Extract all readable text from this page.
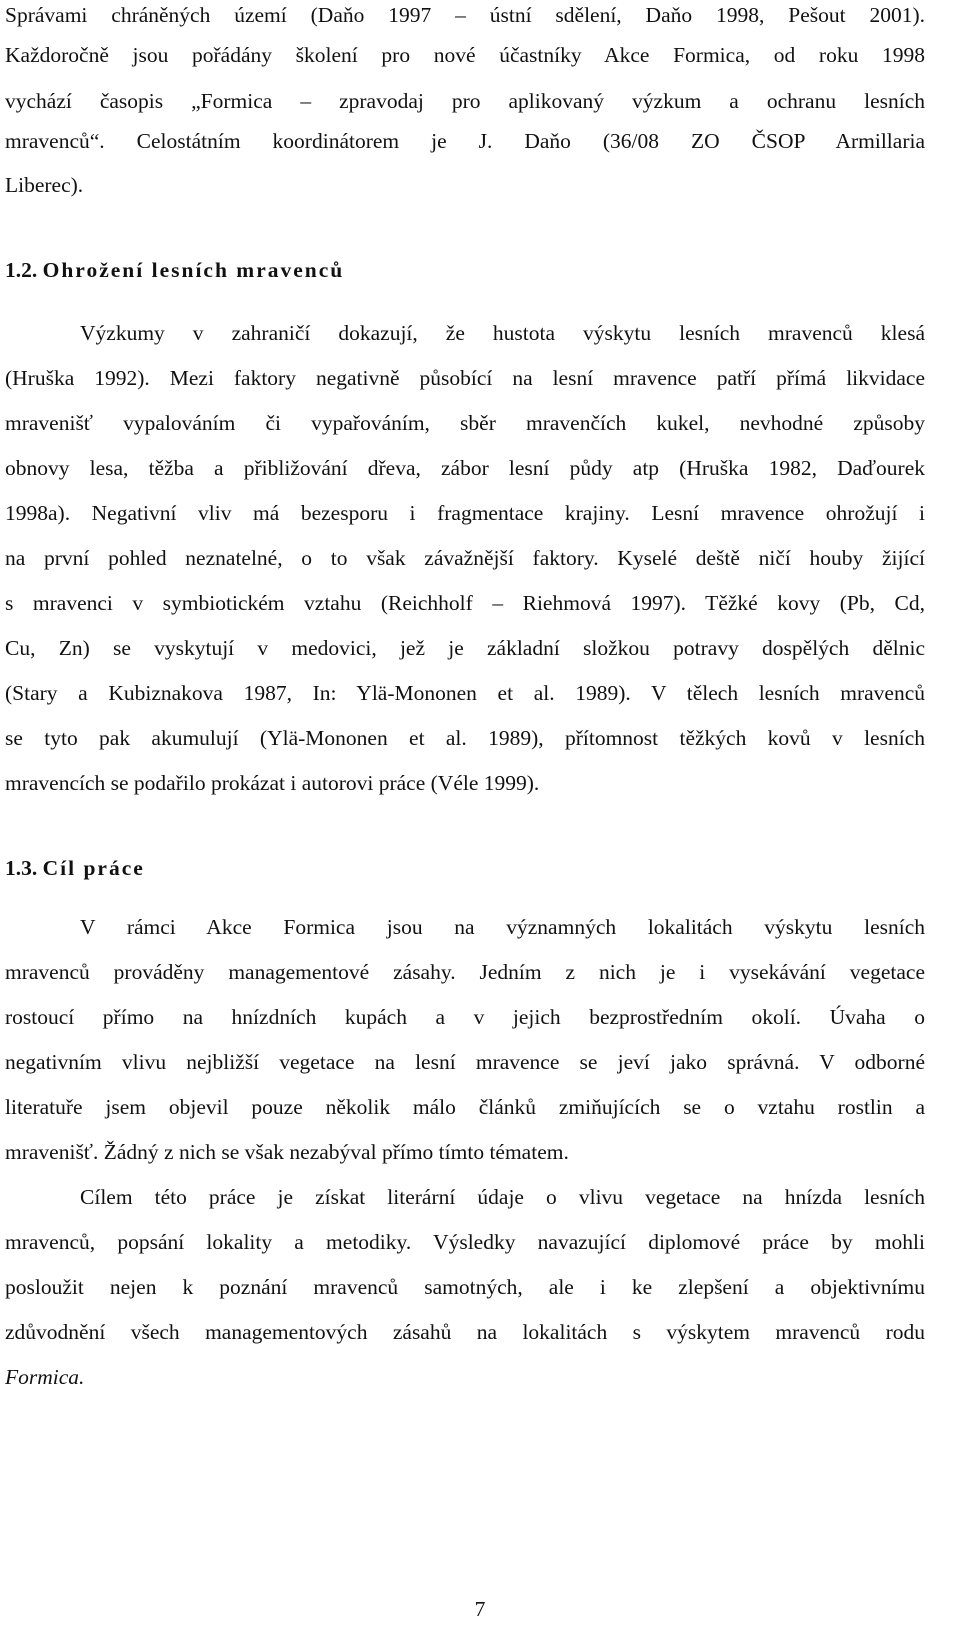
Správami chráněných území (Daňo 1997 – ústní sdělení, Daňo 1998, Pešout 2001).
Každoročně jsou pořádány školení pro nové účastníky Akce Formica, od roku 1998
vychází časopis „Formica – zpravodaj pro aplikovaný výzkum a ochranu lesních
mravenců“. Celostátním koordinátorem je J. Daňo (36/08 ZO ČSOP Armillaria
Liberec).
1.2. Ohrožení lesních mravenců
Výzkumy v zahraničí dokazují, že hustota výskytu lesních mravenců klesá
(Hruška 1992). Mezi faktory negativně působící na lesní mravence patří přímá likvidace
mravenišť vypalováním či vypařováním, sběr mravenčích kukel, nevhodné způsoby
obnovy lesa, těžba a přibližování dřeva, zábor lesní půdy atp (Hruška 1982, Daďourek
1998a). Negativní vliv má bezesporu i fragmentace krajiny. Lesní mravence ohrožují i
na první pohled neznatelné, o to však závažnější faktory. Kyselé deště ničí houby žijící
s mravenci v symbiotickém vztahu (Reichholf – Riehmová 1997). Těžké kovy (Pb, Cd,
Cu, Zn) se vyskytují v medovici, jež je základní složkou potravy dospělých dělnic
(Stary a Kubiznakova 1987, In: Ylä-Mononen et al. 1989). V tělech lesních mravenců
se tyto pak akumulují (Ylä-Mononen et al. 1989), přítomnost těžkých kovů v lesních
mravencích se podařilo prokázat i autorovi práce (Véle 1999).
1.3. Cíl práce
V rámci Akce Formica jsou na významných lokalitách výskytu lesních
mravenců prováděny managementové zásahy. Jedním z nich je i vysekávání vegetace
rostoucí přímo na hnízdních kupách a v jejich bezprostředním okolí. Úvaha o
negativním vlivu nejbližší vegetace na lesní mravence se jeví jako správná. V odborné
literatuře jsem objevil pouze několik málo článků zmiňujících se o vztahu rostlin a
mravenišť. Žádný z nich se však nezabýval přímo tímto tématem.
Cílem této práce je získat literární údaje o vlivu vegetace na hnízda lesních
mravenců, popsání lokality a metodiky. Výsledky navazující diplomové práce by mohli
posloužit nejen k poznání mravenců samotných, ale i ke zlepšení a objektivnímu
zdůvodnění všech managementových zásahů na lokalitách s výskytem mravenců rodu
Formica.
7
